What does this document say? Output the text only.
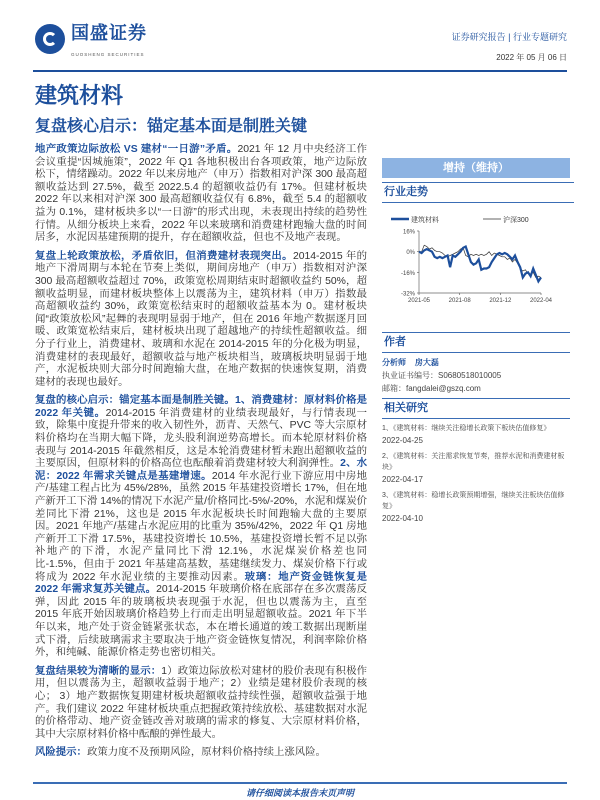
国盛证券
GUOSHENG SECURITIES
证券研究报告 | 行业专题研究
2022 年 05 月 06 日
建筑材料
复盘核心启示：锚定基本面是制胜关键

地产政策边际放松 VS 建材“一日游”矛盾。2021 年 12 月中央经济工作会议重提“因城施策”，2022 年 Q1 各地积极出台各项政策，地产边际放松下，情绪躁动。2022 年以来房地产（申万）指数相对沪深 300 最高超额收益达到 27.5%，截至 2022.5.4 的超额收益仍有 17%。但建材板块 2022 年以来相对沪深 300 最高超额收益仅有 6.8%，截至 5.4 的超额收益为 0.1%，建材板块多以“一日游”的形式出现，未表现出持续的趋势性行情。从细分板块上来看，2022 年以来玻璃和消费建材跑输大盘的时间居多，水泥因基建预期的提升，存在超额收益，但也不及地产表现。

复盘上轮政策放松，矛盾依旧，但消费建材表现突出。2014-2015 年的地产下滑周期与本轮在节奏上类似，期间房地产（申万）指数相对沪深 300 最高超额收益超过 70%，政策宽松周期结束时超额收益约 50%，超额收益明显，而建材板块整体上以震荡为主，建筑材料（申万）指数最高超额收益约 30%，政策宽松结束时的超额收益基本为 0。建材板块闻“政策放松风”起舞的表现明显弱于地产，但在 2016 年地产数据逐月回暖、政策宽松结束后，建材板块出现了超越地产的持续性超额收益。细分子行业上，消费建材、玻璃和水泥在 2014-2015 年的分化极为明显，消费建材的表现最好，超额收益与地产板块相当，玻璃板块明显弱于地产，水泥板块则大部分时间跑输大盘，在地产数据的快速恢复期，消费建材的表现也最好。

复盘的核心启示：锚定基本面是制胜关键。1、消费建材：原材料价格是 2022 年关键。2014-2015 年消费建材的业绩表现最好，与行情表现一致，除集中度提升带来的收入韧性外，沥青、天然气、PVC 等大宗原材料价格均在当期大幅下降，龙头股利润逆势高增长。而本轮原材料价格表现与 2014-2015 年截然相反，这是本轮消费建材暂未跑出超额收益的主要原因，但原材料的价格高位也酝酿着消费建材较大利润弹性。2、水泥：2022 年需求关键点是基建增速。2014 年水泥行业下游应用中房地产/基建工程占比为 45%/28%，虽然 2015 年基建投资增长 17%，但在地产新开工下滑 14%的情况下水泥产量/价格同比-5%/-20%，水泥和煤炭价差同比下滑 21%，这也是 2015 年水泥板块长时间跑输大盘的主要原因。2021 年地产/基建占水泥应用的比重为 35%/42%，2022 年 Q1 房地产新开工下滑 17.5%，基建投资增长 10.5%，基建投资增长暂不足以弥补地产的下滑，水泥产量同比下滑 12.1%，水泥煤炭价格差也同比-1.5%，但由于 2021 年基建高基数，基建继续发力、煤炭价格下行或将成为 2022 年水泥业绩的主要推动因素。玻璃：地产资金链恢复是 2022 年需求复苏关键点。2014-2015 年玻璃价格在底部存在多次震荡反弹，因此 2015 年的玻璃板块表现强于水泥，但也以震荡为主，直至 2015 年底开始因玻璃价格趋势上行而走出明显超额收益。2021 年下半年以来，地产处于资金链紧张状态，本在增长通道的竣工数据出现断崖式下滑，后续玻璃需求主要取决于地产资金链恢复情况，利润率除价格外，和纯碱、能源价格走势也密切相关。

复盘结果较为清晰的显示：1）政策边际放松对建材的股价表现有积极作用，但以震荡为主，超额收益弱于地产；2）业绩是建材股价表现的核心； 3）地产数据恢复期建材板块超额收益持续性强，超额收益强于地产。我们建议 2022 年建材板块重点把握政策持续放松、基建数据对水泥的价格带动、地产资金链改善对玻璃的需求的修复、大宗原材料价格，其中大宗原材料价格中酝酿的弹性最大。

风险提示：政策力度不及预期风险，原材料价格持续上涨风险。

增持（维持）
行业走势
建筑材料	沪深300
16%
0%
-16%
-32%
2021-05	2021-08	2021-12	2022-04
作者
分析师 房大磊
执业证书编号：S0680518010005
邮箱：fangdalei@gszq.com
相关研究
1、《建筑材料：继续关注稳增长政策下板块估值修复》
2022-04-25
2、《建筑材料：关注需求恢复节奏，推荐水泥和消费建材板块》
2022-04-17
3、《建筑材料：稳增长政策预期增强，继续关注板块估值修复》
2022-04-10
请仔细阅读本报告末页声明
